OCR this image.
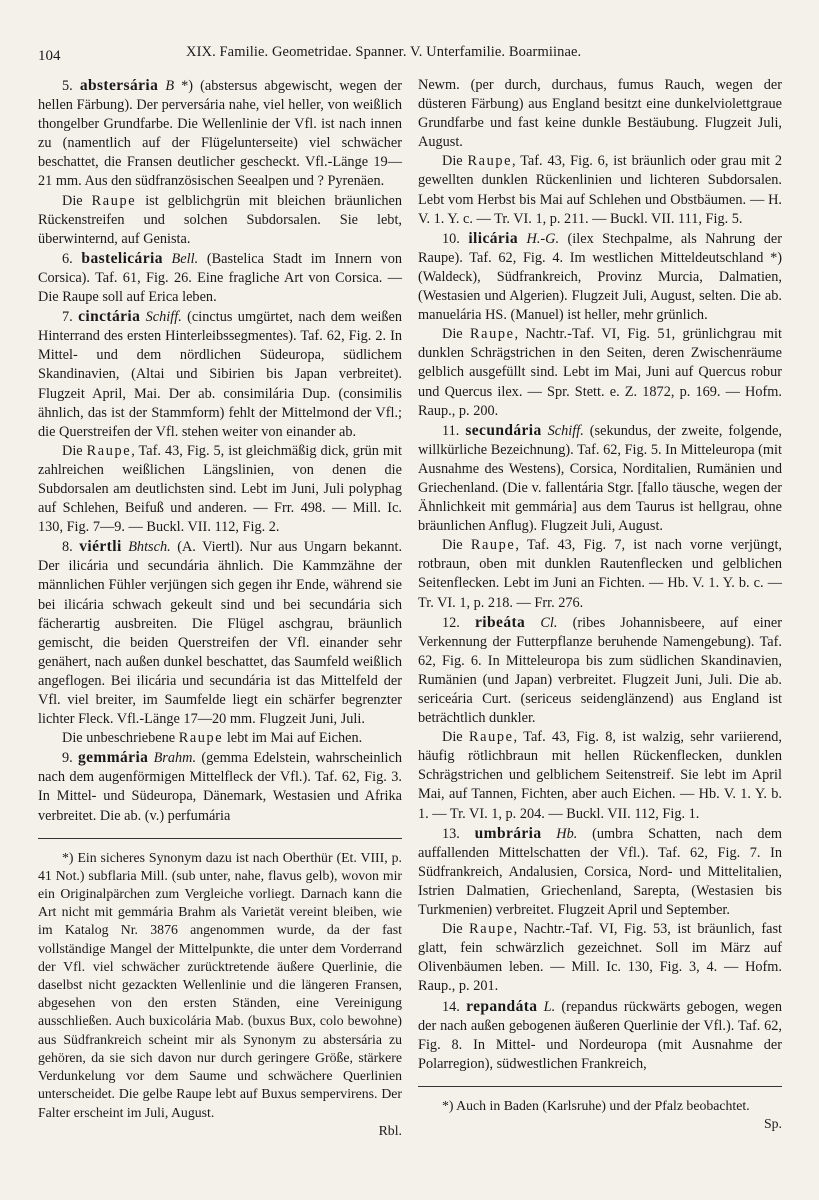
104	XIX. Familie. Geometridae. Spanner. V. Unterfamilie. Boarmiinae.

5. abstersária B *) (abstersus abgewischt, wegen der hellen Färbung). Der perversária nahe, viel heller, von weißlich thongelber Grundfarbe. Die Wellenlinie der Vfl. ist nach innen zu (namentlich auf der Flügelunterseite) viel schwächer beschattet, die Fransen deutlicher gescheckt. Vfl.-Länge 19—21 mm. Aus den südfranzösischen Seealpen und ? Pyrenäen.

Die Raupe ist gelblichgrün mit bleichen bräunlichen Rückenstreifen und solchen Subdorsalen. Sie lebt, überwinternd, auf Genista.

6. bastelicária Bell. (Bastelica Stadt im Innern von Corsica). Taf. 61, Fig. 26. Eine fragliche Art von Corsica. — Die Raupe soll auf Erica leben.

7. cinctária Schiff. (cinctus umgürtet, nach dem weißen Hinterrand des ersten Hinterleibssegmentes). Taf. 62, Fig. 2. In Mittel- und dem nördlichen Südeuropa, südlichem Skandinavien, (Altai und Sibirien bis Japan verbreitet). Flugzeit April, Mai. Der ab. consimilária Dup. (consimilis ähnlich, das ist der Stammform) fehlt der Mittelmond der Vfl.; die Querstreifen der Vfl. stehen weiter von einander ab.

Die Raupe, Taf. 43, Fig. 5, ist gleichmäßig dick, grün mit zahlreichen weißlichen Längslinien, von denen die Subdorsalen am deutlichsten sind. Lebt im Juni, Juli polyphag auf Schlehen, Beifuß und anderen. — Frr. 498. — Mill. Ic. 130, Fig. 7—9. — Buckl. VII. 112, Fig. 2.

8. viértli Bhtsch. (A. Viertl). Nur aus Ungarn bekannt. Der ilicária und secundária ähnlich. Die Kammzähne der männlichen Fühler verjüngen sich gegen ihr Ende, während sie bei ilicária schwach gekeult sind und bei secundária sich fächerartig ausbreiten. Die Flügel aschgrau, bräunlich gemischt, die beiden Querstreifen der Vfl. einander sehr genähert, nach außen dunkel beschattet, das Saumfeld weißlich angeflogen. Bei ilicária und secundária ist das Mittelfeld der Vfl. viel breiter, im Saumfelde liegt ein schärfer begrenzter lichter Fleck. Vfl.-Länge 17—20 mm. Flugzeit Juni, Juli.

Die unbeschriebene Raupe lebt im Mai auf Eichen.

9. gemmária Brahm. (gemma Edelstein, wahrscheinlich nach dem augenförmigen Mittelfleck der Vfl.). Taf. 62, Fig. 3. In Mittel- und Südeuropa, Dänemark, Westasien und Afrika verbreitet. Die ab. (v.) perfumária

*) Ein sicheres Synonym dazu ist nach Oberthür (Et. VIII, p. 41 Not.) subflaria Mill. (sub unter, nahe, flavus gelb), wovon mir ein Originalpärchen zum Vergleiche vorliegt. Darnach kann die Art nicht mit gemmária Brahm als Varietät vereint bleiben, wie im Katalog Nr. 3876 angenommen wurde, da der fast vollständige Mangel der Mittelpunkte, die unter dem Vorderrand der Vfl. viel schwächer zurücktretende äußere Querlinie, die daselbst nicht gezackten Wellenlinie und die längeren Fransen, abgesehen von den ersten Ständen, eine Vereinigung ausschließen. Auch buxicolária Mab. (buxus Bux, colo bewohne) aus Südfrankreich scheint mir als Synonym zu abstersária zu gehören, da sie sich davon nur durch geringere Größe, stärkere Verdunkelung vor dem Saume und schwächere Querlinien unterscheidet. Die gelbe Raupe lebt auf Buxus sempervirens. Der Falter erscheint im Juli, August.

Rbl.

Newm. (per durch, durchaus, fumus Rauch, wegen der düsteren Färbung) aus England besitzt eine dunkelviolettgraue Grundfarbe und fast keine dunkle Bestäubung. Flugzeit Juli, August.

Die Raupe, Taf. 43, Fig. 6, ist bräunlich oder grau mit 2 gewellten dunklen Rückenlinien und lichteren Subdorsalen. Lebt vom Herbst bis Mai auf Schlehen und Obstbäumen. — H. V. 1. Y. c. — Tr. VI. 1, p. 211. — Buckl. VII. 111, Fig. 5.

10. ilicária H.-G. (ilex Stechpalme, als Nahrung der Raupe). Taf. 62, Fig. 4. Im westlichen Mitteldeutschland *) (Waldeck), Südfrankreich, Provinz Murcia, Dalmatien, (Westasien und Algerien). Flugzeit Juli, August, selten. Die ab. manuelária HS. (Manuel) ist heller, mehr grünlich.

Die Raupe, Nachtr.-Taf. VI, Fig. 51, grünlichgrau mit dunklen Schrägstrichen in den Seiten, deren Zwischenräume gelblich ausgefüllt sind. Lebt im Mai, Juni auf Quercus robur und Quercus ilex. — Spr. Stett. e. Z. 1872, p. 169. — Hofm. Raup., p. 200.

11. secundária Schiff. (sekundus, der zweite, folgende, willkürliche Bezeichnung). Taf. 62, Fig. 5. In Mitteleuropa (mit Ausnahme des Westens), Corsica, Norditalien, Rumänien und Griechenland. (Die v. fallentária Stgr. [fallo täusche, wegen der Ähnlichkeit mit gemmária] aus dem Taurus ist hellgrau, ohne bräunlichen Anflug). Flugzeit Juli, August.

Die Raupe, Taf. 43, Fig. 7, ist nach vorne verjüngt, rotbraun, oben mit dunklen Rautenflecken und gelblichen Seitenflecken. Lebt im Juni an Fichten. — Hb. V. 1. Y. b. c. — Tr. VI. 1, p. 218. — Frr. 276.

12. ribeáta Cl. (ribes Johannisbeere, auf einer Verkennung der Futterpflanze beruhende Namengebung). Taf. 62, Fig. 6. In Mitteleuropa bis zum südlichen Skandinavien, Rumänien (und Japan) verbreitet. Flugzeit Juni, Juli. Die ab. sericeária Curt. (sericeus seidenglänzend) aus England ist beträchtlich dunkler.

Die Raupe, Taf. 43, Fig. 8, ist walzig, sehr variierend, häufig rötlichbraun mit hellen Rückenflecken, dunklen Schrägstrichen und gelblichem Seitenstreif. Sie lebt im April Mai, auf Tannen, Fichten, aber auch Eichen. — Hb. V. 1. Y. b. 1. — Tr. VI. 1, p. 204. — Buckl. VII. 112, Fig. 1.

13. umbrária Hb. (umbra Schatten, nach dem auffallenden Mittelschatten der Vfl.). Taf. 62, Fig. 7. In Südfrankreich, Andalusien, Corsica, Nord- und Mittelitalien, Istrien Dalmatien, Griechenland, Sarepta, (Westasien bis Turkmenien) verbreitet. Flugzeit April und September.

Die Raupe, Nachtr.-Taf. VI, Fig. 53, ist bräunlich, fast glatt, fein schwärzlich gezeichnet. Soll im März auf Olivenbäumen leben. — Mill. Ic. 130, Fig. 3, 4. — Hofm. Raup., p. 201.

14. repandáta L. (repandus rückwärts gebogen, wegen der nach außen gebogenen äußeren Querlinie der Vfl.). Taf. 62, Fig. 8. In Mittel- und Nordeuropa (mit Ausnahme der Polarregion), südwestlichen Frankreich,

*) Auch in Baden (Karlsruhe) und der Pfalz beobachtet.

Sp.
